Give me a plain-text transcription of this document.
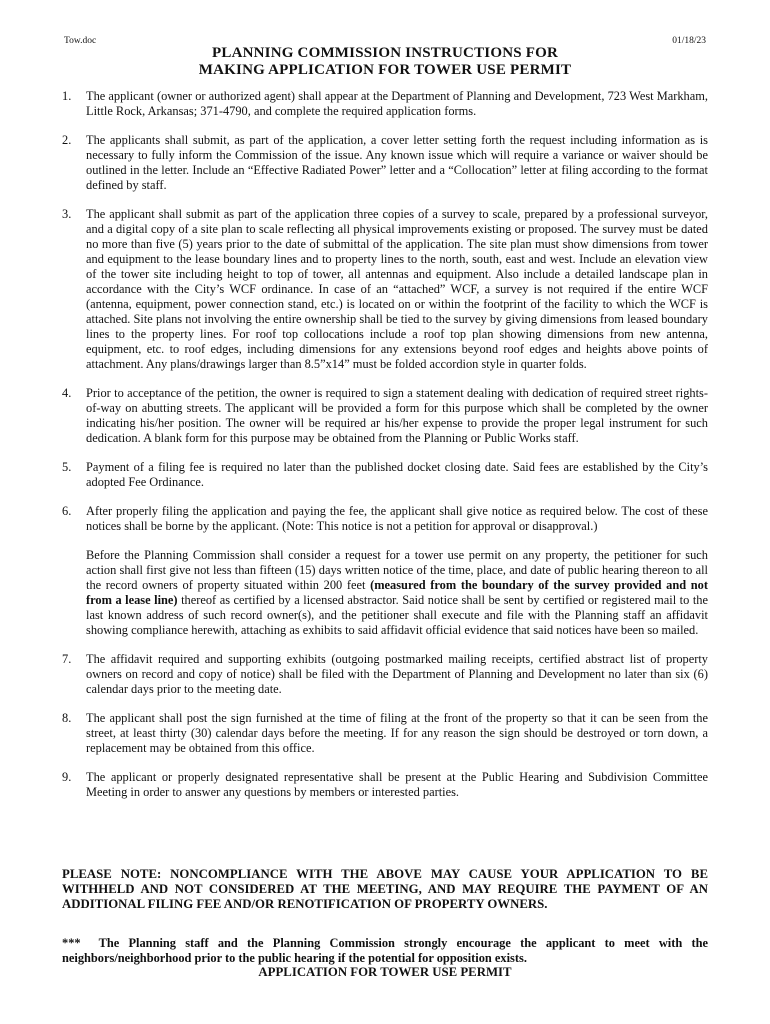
Tow.doc	01/18/23
PLANNING COMMISSION INSTRUCTIONS FOR
MAKING APPLICATION FOR TOWER USE PERMIT
1.	The applicant (owner or authorized agent) shall appear at the Department of Planning and Development, 723 West Markham, Little Rock, Arkansas; 371-4790, and complete the required application forms.
2.	The applicants shall submit, as part of the application, a cover letter setting forth the request including information as is necessary to fully inform the Commission of the issue. Any known issue which will require a variance or waiver should be outlined in the letter. Include an “Effective Radiated Power” letter and a “Collocation” letter at filing according to the format defined by staff.
3.	The applicant shall submit as part of the application three copies of a survey to scale, prepared by a professional surveyor, and a digital copy of a site plan to scale reflecting all physical improvements existing or proposed. The survey must be dated no more than five (5) years prior to the date of submittal of the application. The site plan must show dimensions from tower and equipment to the lease boundary lines and to property lines to the north, south, east and west. Include an elevation view of the tower site including height to top of tower, all antennas and equipment. Also include a detailed landscape plan in accordance with the City’s WCF ordinance. In case of an “attached” WCF, a survey is not required if the entire WCF (antenna, equipment, power connection stand, etc.) is located on or within the footprint of the facility to which the WCF is attached. Site plans not involving the entire ownership shall be tied to the survey by giving dimensions from leased boundary lines to the property lines. For roof top collocations include a roof top plan showing dimensions from new antenna, equipment, etc. to roof edges, including dimensions for any extensions beyond roof edges and heights above points of attachment. Any plans/drawings larger than 8.5”x14” must be folded accordion style in quarter folds.
4.	Prior to acceptance of the petition, the owner is required to sign a statement dealing with dedication of required street rights-of-way on abutting streets. The applicant will be provided a form for this purpose which shall be completed by the owner indicating his/her position. The owner will be required ar his/her expense to provide the proper legal instrument for such dedication. A blank form for this purpose may be obtained from the Planning or Public Works staff.
5.	Payment of a filing fee is required no later than the published docket closing date. Said fees are established by the City’s adopted Fee Ordinance.
6.	After properly filing the application and paying the fee, the applicant shall give notice as required below. The cost of these notices shall be borne by the applicant. (Note: This notice is not a petition for approval or disapproval.)
Before the Planning Commission shall consider a request for a tower use permit on any property, the petitioner for such action shall first give not less than fifteen (15) days written notice of the time, place, and date of public hearing thereon to all the record owners of property situated within 200 feet (measured from the boundary of the survey provided and not from a lease line) thereof as certified by a licensed abstractor. Said notice shall be sent by certified or registered mail to the last known address of such record owner(s), and the petitioner shall execute and file with the Planning staff an affidavit showing compliance herewith, attaching as exhibits to said affidavit official evidence that said notices have been so mailed.
7.	The affidavit required and supporting exhibits (outgoing postmarked mailing receipts, certified abstract list of property owners on record and copy of notice) shall be filed with the Department of Planning and Development no later than six (6) calendar days prior to the meeting date.
8.	The applicant shall post the sign furnished at the time of filing at the front of the property so that it can be seen from the street, at least thirty (30) calendar days before the meeting. If for any reason the sign should be destroyed or torn down, a replacement may be obtained from this office.
9.	The applicant or properly designated representative shall be present at the Public Hearing and Subdivision Committee Meeting in order to answer any questions by members or interested parties.
PLEASE NOTE: NONCOMPLIANCE WITH THE ABOVE MAY CAUSE YOUR APPLICATION TO BE WITHHELD AND NOT CONSIDERED AT THE MEETING, AND MAY REQUIRE THE PAYMENT OF AN ADDITIONAL FILING FEE AND/OR RENOTIFICATION OF PROPERTY OWNERS.
*** The Planning staff and the Planning Commission strongly encourage the applicant to meet with the neighbors/neighborhood prior to the public hearing if the potential for opposition exists.
APPLICATION FOR TOWER USE PERMIT
